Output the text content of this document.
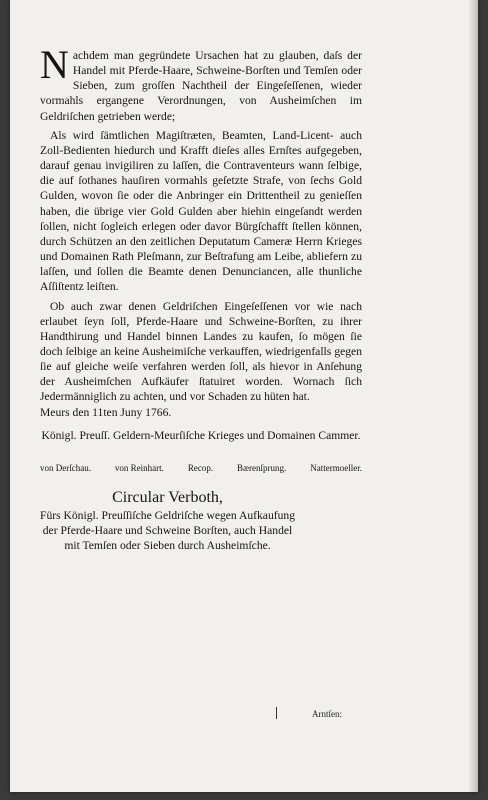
Nachdem man gegründete Ursachen hat zu glauben, daſs der Handel mit Pferde-Haare, Schweine-Borſten und Temſen oder Sieben, zum groſſen Nachtheil der Eingeſeſſenen, wieder vormahls ergangene Verordnungen, von Ausheimſchen im Geldriſchen getrieben werde;
Als wird ſämtlichen Magiſtræten, Beamten, Land-Licent- auch Zoll-Bedienten hiedurch und Krafft dieſes alles Ernſtes aufgegeben, darauf genau invigiliren zu laſſen, die Contraventeurs wann ſelbige, die auf ſothanes hauſiren vormahls geſetzte Strafe, von ſechs Gold Gulden, wovon ſie oder die Anbringer ein Drittentheil zu genieſſen haben, die übrige vier Gold Gulden aber hiehin eingeſandt werden ſollen, nicht ſogleich erlegen oder davor Bürgſchafft ſtellen können, durch Schützen an den zeitlichen Deputatum Cameræ Herrn Krieges und Domainen Rath Pleſmann, zur Beſtrafung am Leibe, abliefern zu laſſen, und ſollen die Beamte denen Denunciancen, alle thunliche Aſſiſtentz leiſten.
Ob auch zwar denen Geldriſchen Eingeſeſſenen vor wie nach erlaubet ſeyn ſoll, Pferde-Haare und Schweine-Borſten, zu ihrer Handthirung und Handel binnen Landes zu kaufen, ſo mögen ſie doch ſelbige an keine Ausheimiſche verkauffen, wiedrigenfalls gegen ſie auf gleiche weiſe verfahren werden ſoll, als hievor in Anſehung der Ausheimſchen Aufkäufer ſtatuiret worden. Wornach ſich Jedermänniglich zu achten, und vor Schaden zu hüten hat.
Meurs den 11ten Juny 1766.
Königl. Preuſſ. Geldern-Meurſiſche Krieges und Domainen Cammer.
von Derſchau.	von Reinhart.	Recop.	Bærenſprung.	Nattermoeller.
Circular Verboth,
Fürs Königl. Preuſſiſche Geldriſche wegen Aufkaufung der Pferde-Haare und Schweine Borſten, auch Handel mit Temſen oder Sieben durch Ausheimſche.
Arntſen:
